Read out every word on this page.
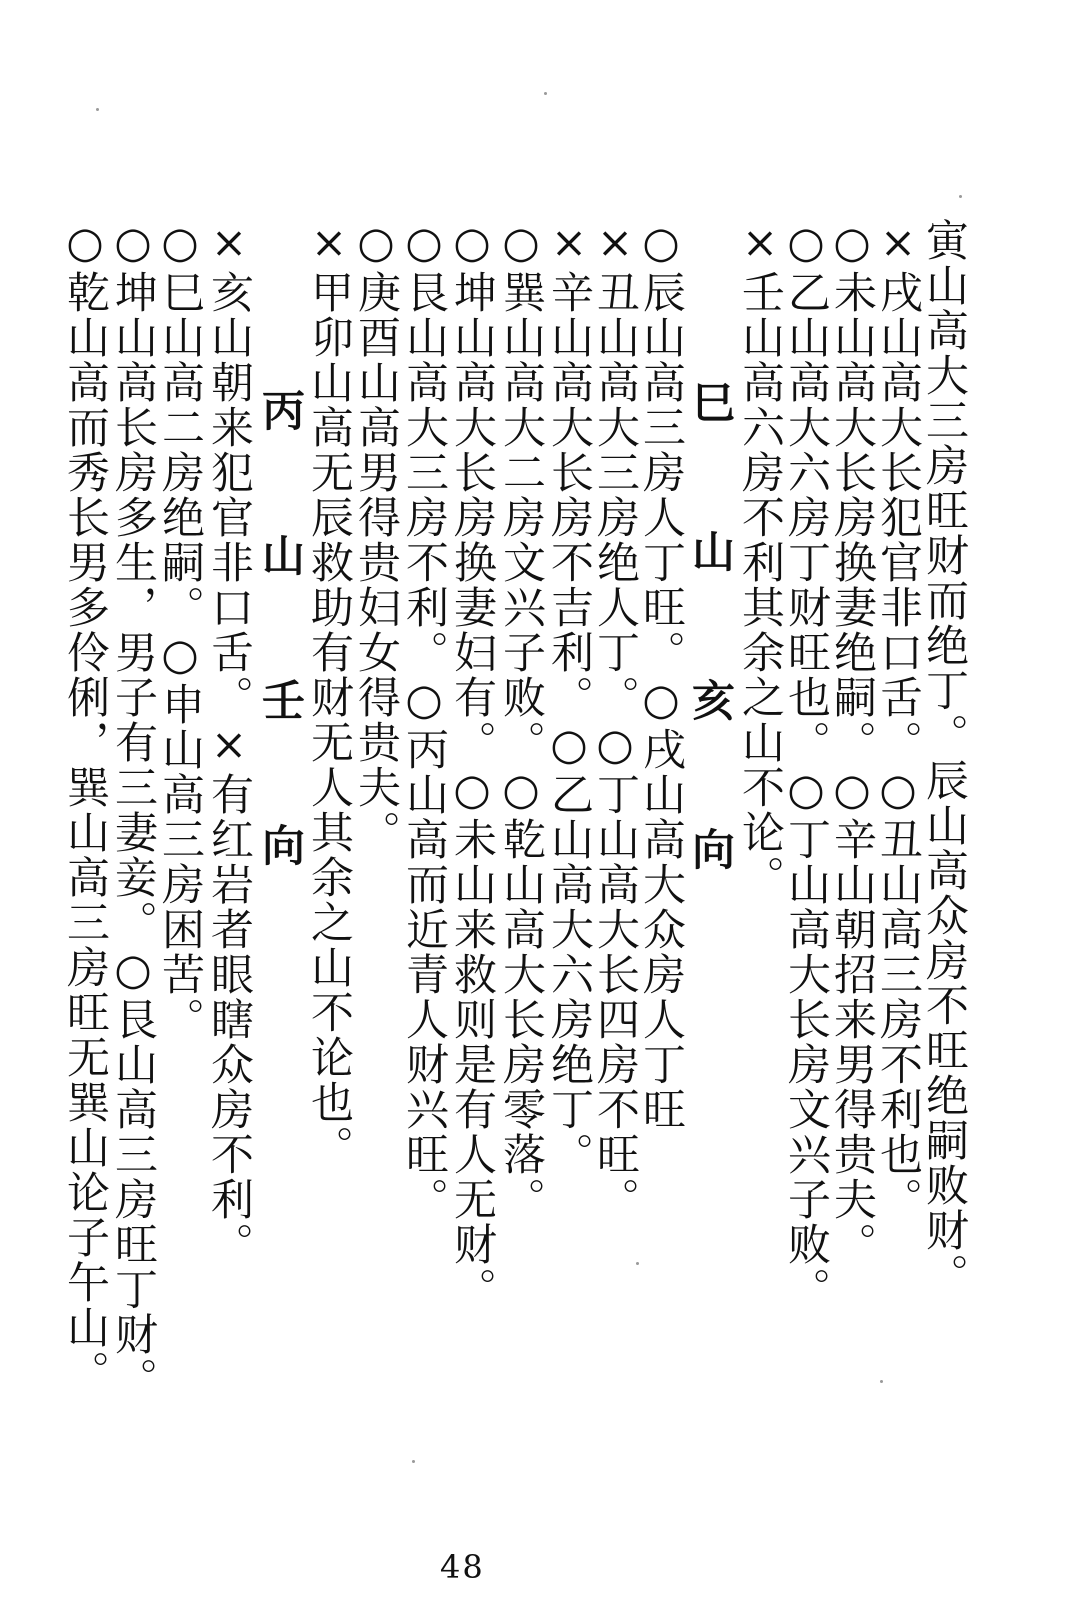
寅山高大三房旺财而绝丁。辰山高众房不旺绝嗣败财。
×戌山高大长犯官非口舌。○丑山高三房不利也。
○未山高大长房换妻绝嗣。○辛山朝招来男得贵夫。
○乙山高大六房丁财旺也。○丁山高大长房文兴子败。
×壬山高六房不利其余之山不论。
巳 山 亥 向
○辰山高三房人丁旺。○戌山高大众房人丁旺
×丑山高大三房绝人丁。○丁山高大长四房不旺。
×辛山高大长房不吉利。○乙山高大六房绝丁。
○巽山高大二房文兴子败。○乾山高大长房零落。
○坤山高大长房换妻妇有。○未山来救则是有人无财。
○艮山高大三房不利。○丙山高而近青人财兴旺。
○庚酉山高男得贵妇女得贵夫。
×甲卯山高无辰救助有财无人其余之山不论也。
丙 山 壬 向
×亥山朝来犯官非口舌。×有红岩者眼瞎众房不利。
○巳山高二房绝嗣。○申山高三房困苦。
○坤山高长房多生，男子有三妻妾。○艮山高三房旺丁财。
○乾山高而秀长男多伶俐，巽山高三房旺无巽山论子午山。
48
